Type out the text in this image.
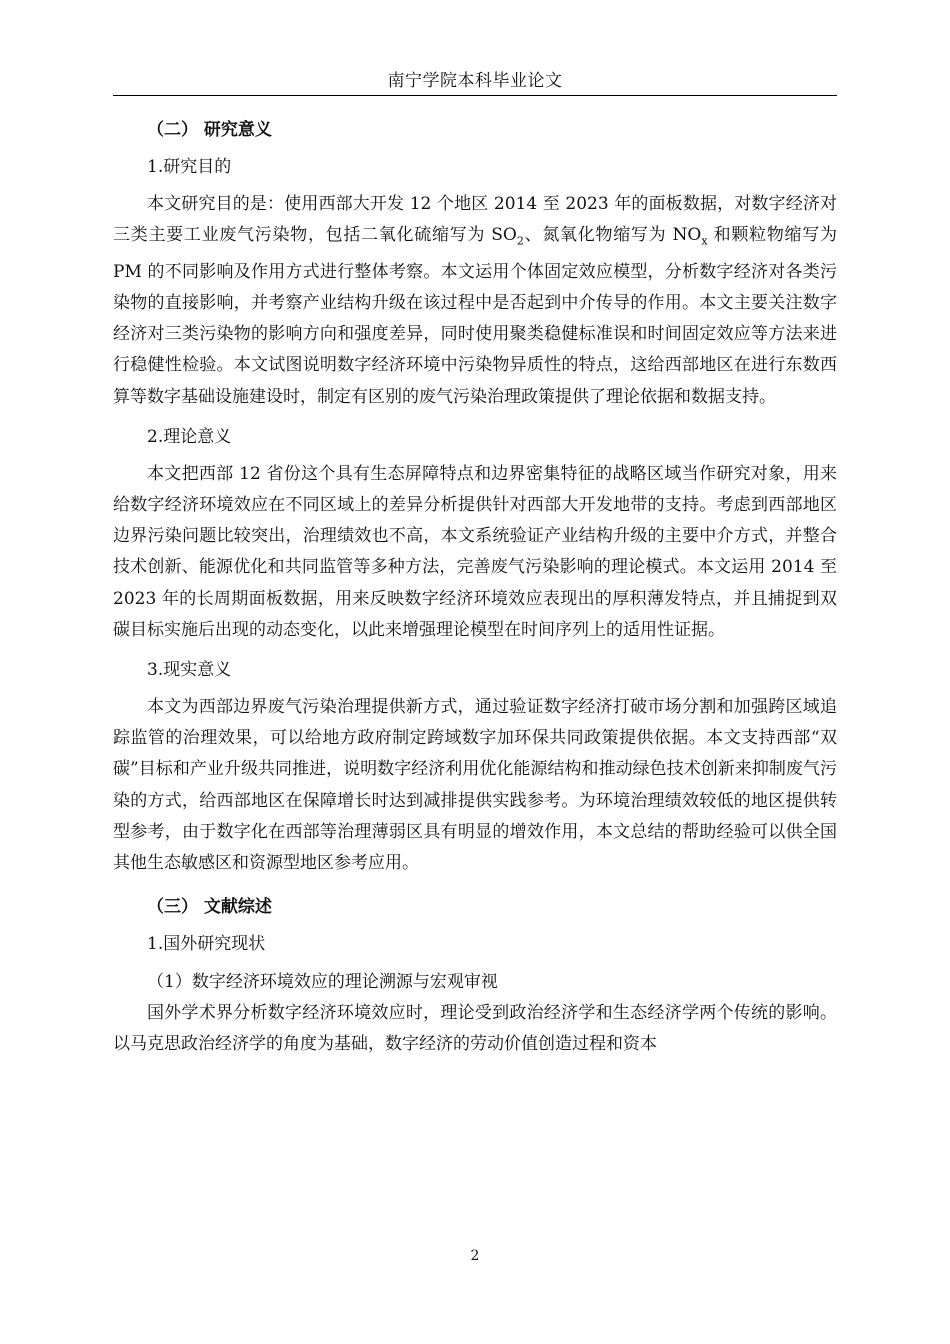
南宁学院本科毕业论文

（二） 研究意义

1.研究目的

本文研究目的是：使用西部大开发 12 个地区 2014 至 2023 年的面板数据，对数字经济对三类主要工业废气污染物，包括二氧化硫缩写为 $SO_2$、氮氧化物缩写为 $NO_x$ 和颗粒物缩写为 PM 的不同影响及作用方式进行整体考察。本文运用个体固定效应模型，分析数字经济对各类污染物的直接影响，并考察产业结构升级在该过程中是否起到中介传导的作用。本文主要关注数字经济对三类污染物的影响方向和强度差异，同时使用聚类稳健标准误和时间固定效应等方法来进行稳健性检验。本文试图说明数字经济环境中污染物异质性的特点，这给西部地区在进行东数西算等数字基础设施建设时，制定有区别的废气污染治理政策提供了理论依据和数据支持。

2.理论意义

本文把西部 12 省份这个具有生态屏障特点和边界密集特征的战略区域当作研究对象，用来给数字经济环境效应在不同区域上的差异分析提供针对西部大开发地带的支持。考虑到西部地区边界污染问题比较突出，治理绩效也不高，本文系统验证产业结构升级的主要中介方式，并整合技术创新、能源优化和共同监管等多种方法，完善废气污染影响的理论模式。本文运用 2014 至 2023 年的长周期面板数据，用来反映数字经济环境效应表现出的厚积薄发特点，并且捕捉到双碳目标实施后出现的动态变化，以此来增强理论模型在时间序列上的适用性证据。

3.现实意义

本文为西部边界废气污染治理提供新方式，通过验证数字经济打破市场分割和加强跨区域追踪监管的治理效果，可以给地方政府制定跨域数字加环保共同政策提供依据。本文支持西部“双碳”目标和产业升级共同推进，说明数字经济利用优化能源结构和推动绿色技术创新来抑制废气污染的方式，给西部地区在保障增长时达到减排提供实践参考。为环境治理绩效较低的地区提供转型参考，由于数字化在西部等治理薄弱区具有明显的增效作用，本文总结的帮助经验可以供全国其他生态敏感区和资源型地区参考应用。

（三） 文献综述

1.国外研究现状

（1）数字经济环境效应的理论溯源与宏观审视

国外学术界分析数字经济环境效应时，理论受到政治经济学和生态经济学两个传统的影响。以马克思政治经济学的角度为基础，数字经济的劳动价值创造过程和资本

2
